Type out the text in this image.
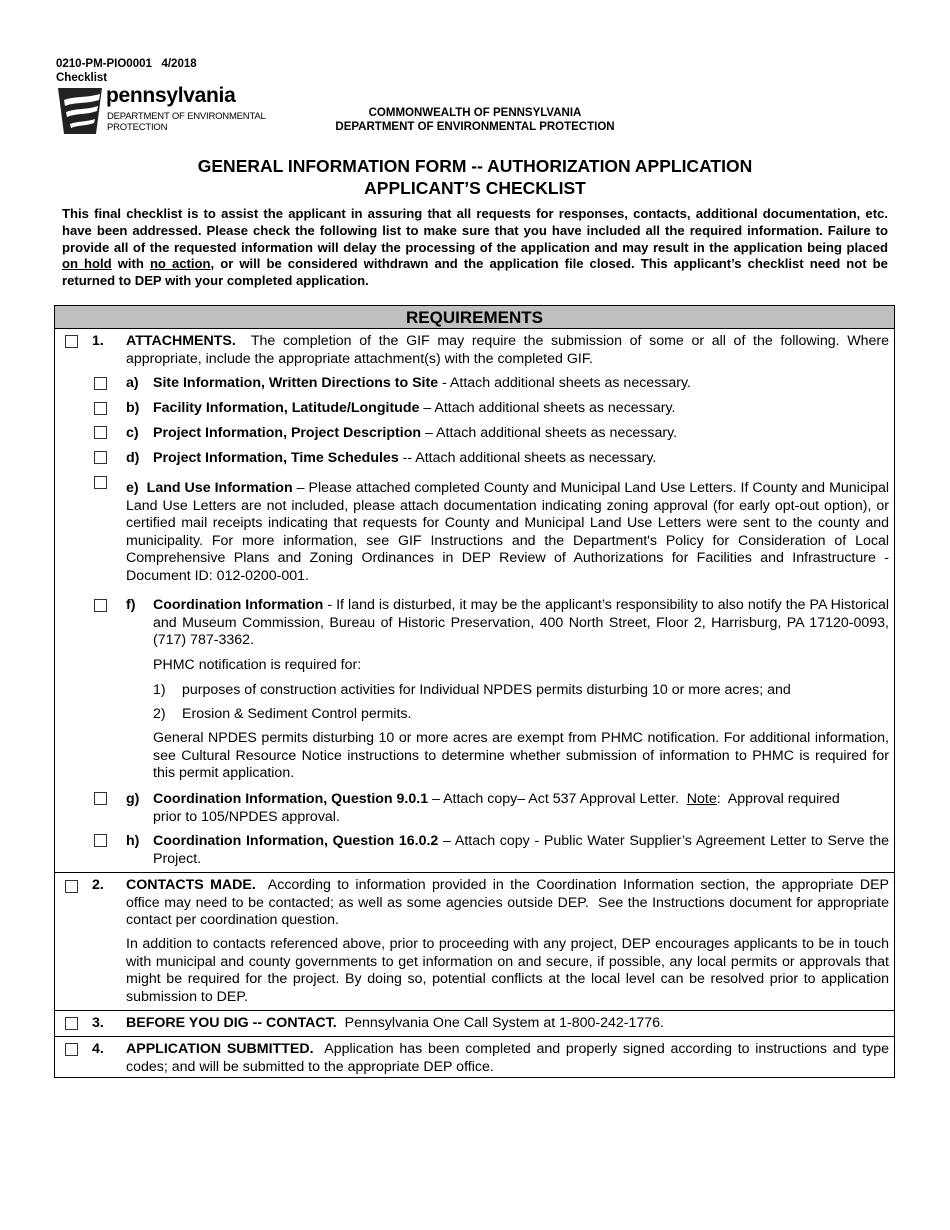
0210-PM-PIO0001   4/2018
Checklist
pennsylvania
DEPARTMENT OF ENVIRONMENTAL
PROTECTION
COMMONWEALTH OF PENNSYLVANIA
DEPARTMENT OF ENVIRONMENTAL PROTECTION
GENERAL INFORMATION FORM -- AUTHORIZATION APPLICATION
APPLICANT’S CHECKLIST
This final checklist is to assist the applicant in assuring that all requests for responses, contacts, additional documentation, etc. have been addressed. Please check the following list to make sure that you have included all the required information. Failure to provide all of the requested information will delay the processing of the application and may result in the application being placed on hold with no action, or will be considered withdrawn and the application file closed. This applicant’s checklist need not be returned to DEP with your completed application.
REQUIREMENTS
1. ATTACHMENTS.  The completion of the GIF may require the submission of some or all of the following. Where appropriate, include the appropriate attachment(s) with the completed GIF.
a) Site Information, Written Directions to Site - Attach additional sheets as necessary.
b) Facility Information, Latitude/Longitude – Attach additional sheets as necessary.
c) Project Information, Project Description – Attach additional sheets as necessary.
d) Project Information, Time Schedules -- Attach additional sheets as necessary.
e) Land Use Information – Please attached completed County and Municipal Land Use Letters. If County and Municipal Land Use Letters are not included, please attach documentation indicating zoning approval (for early opt-out option), or certified mail receipts indicating that requests for County and Municipal Land Use Letters were sent to the county and municipality. For more information, see GIF Instructions and the Department's Policy for Consideration of Local Comprehensive Plans and Zoning Ordinances in DEP Review of Authorizations for Facilities and Infrastructure - Document ID: 012-0200-001.
f) Coordination Information - If land is disturbed, it may be the applicant’s responsibility to also notify the PA Historical and Museum Commission, Bureau of Historic Preservation, 400 North Street, Floor 2, Harrisburg, PA 17120-0093, (717) 787-3362.
PHMC notification is required for:
1) purposes of construction activities for Individual NPDES permits disturbing 10 or more acres; and
2) Erosion & Sediment Control permits.
General NPDES permits disturbing 10 or more acres are exempt from PHMC notification. For additional information, see Cultural Resource Notice instructions to determine whether submission of information to PHMC is required for this permit application.
g) Coordination Information, Question 9.0.1 – Attach copy– Act 537 Approval Letter.  Note:  Approval required prior to 105/NPDES approval.
h) Coordination Information, Question 16.0.2 – Attach copy - Public Water Supplier’s Agreement Letter to Serve the Project.
2. CONTACTS MADE.  According to information provided in the Coordination Information section, the appropriate DEP office may need to be contacted; as well as some agencies outside DEP.  See the Instructions document for appropriate contact per coordination question.
In addition to contacts referenced above, prior to proceeding with any project, DEP encourages applicants to be in touch with municipal and county governments to get information on and secure, if possible, any local permits or approvals that might be required for the project. By doing so, potential conflicts at the local level can be resolved prior to application submission to DEP.
3. BEFORE YOU DIG -- CONTACT.  Pennsylvania One Call System at 1-800-242-1776.
4. APPLICATION SUBMITTED.  Application has been completed and properly signed according to instructions and type codes; and will be submitted to the appropriate DEP office.
